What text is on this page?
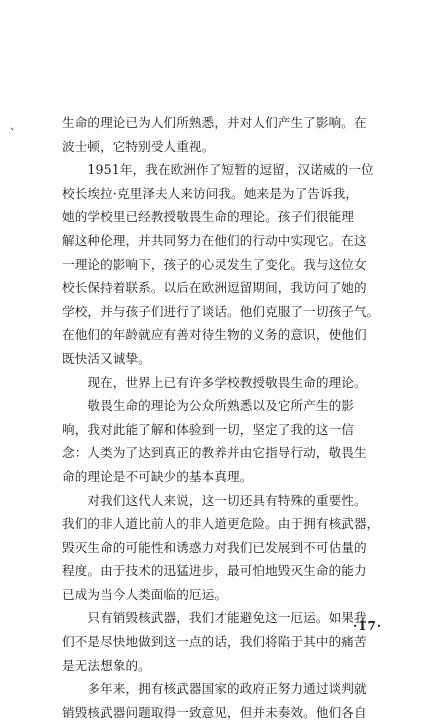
、	生命的理论已为人们所熟悉，并对人们产生了影响。在
波士顿，它特别受人重视。
　　1951年，我在欧洲作了短暂的逗留，汉诺威的一位
校长埃拉·克里泽夫人来访问我。她来是为了告诉我，
她的学校里已经教授敬畏生命的理论。孩子们很能理
解这种伦理，并共同努力在他们的行动中实现它。在这
一理论的影响下，孩子的心灵发生了变化。我与这位女
校长保持着联系。以后在欧洲逗留期间，我访问了她的
学校，并与孩子们进行了谈话。他们克服了一切孩子气。
在他们的年龄就应有善对待生物的义务的意识，使他们
既快活又诚挚。
　　现在，世界上已有许多学校教授敬畏生命的理论。
　　敬畏生命的理论为公众所熟悉以及它所产生的影
响，我对此能了解和体验到一切，坚定了我的这一信
念：人类为了达到真正的教养并由它指导行动，敬畏生
命的理论是不可缺少的基本真理。
　　对我们这代人来说，这一切还具有特殊的重要性。
我们的非人道比前人的非人道更危险。由于拥有核武器，
毁灭生命的可能性和诱惑力对我们已发展到不可估量的
程度。由于技术的迅猛进步，最可怕地毁灭生命的能力
已成为当今人类面临的厄运。
　　只有销毁核武器，我们才能避免这一厄运。如果我
们不是尽快地做到这一点的话，我们将陷于其中的痛苦
是无法想象的。
　　多年来，拥有核武器国家的政府正努力通过谈判就
销毁核武器问题取得一致意见，但并未奏效。他们各自
·17·
